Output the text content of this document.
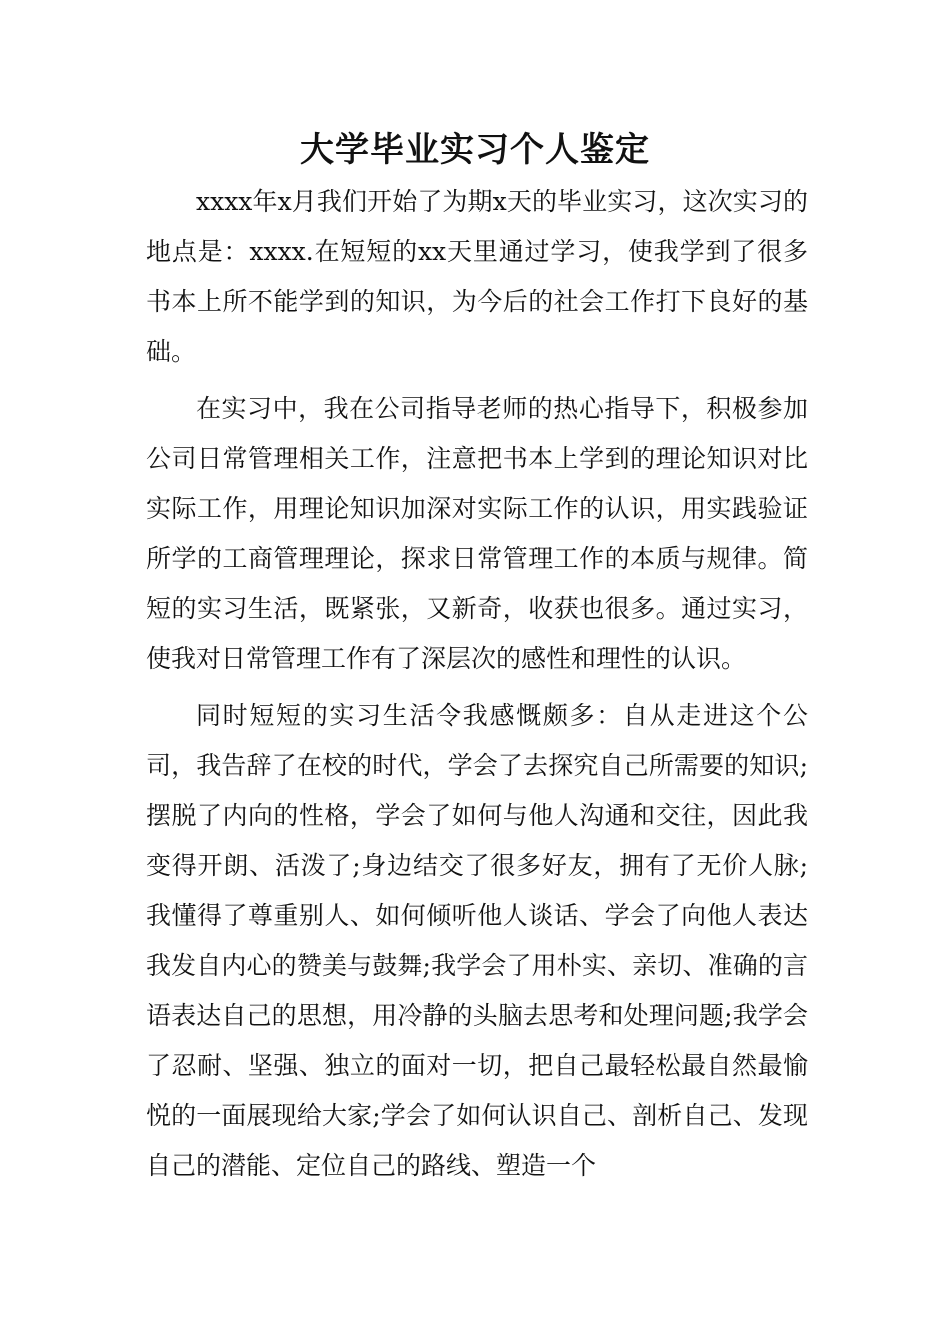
大学毕业实习个人鉴定

xxxx年x月我们开始了为期x天的毕业实习，这次实习的地点是：xxxx.在短短的xx天里通过学习，使我学到了很多书本上所不能学到的知识，为今后的社会工作打下良好的基础。

在实习中，我在公司指导老师的热心指导下，积极参加公司日常管理相关工作，注意把书本上学到的理论知识对比实际工作，用理论知识加深对实际工作的认识，用实践验证所学的工商管理理论，探求日常管理工作的本质与规律。简短的实习生活，既紧张，又新奇，收获也很多。通过实习，使我对日常管理工作有了深层次的感性和理性的认识。

同时短短的实习生活令我感慨颇多：自从走进这个公司，我告辞了在校的时代，学会了去探究自己所需要的知识;摆脱了内向的性格，学会了如何与他人沟通和交往，因此我变得开朗、活泼了;身边结交了很多好友，拥有了无价人脉;我懂得了尊重别人、如何倾听他人谈话、学会了向他人表达我发自内心的赞美与鼓舞;我学会了用朴实、亲切、准确的言语表达自己的思想，用冷静的头脑去思考和处理问题;我学会了忍耐、坚强、独立的面对一切，把自己最轻松最自然最愉悦的一面展现给大家;学会了如何认识自己、剖析自己、发现自己的潜能、定位自己的路线、塑造一个
